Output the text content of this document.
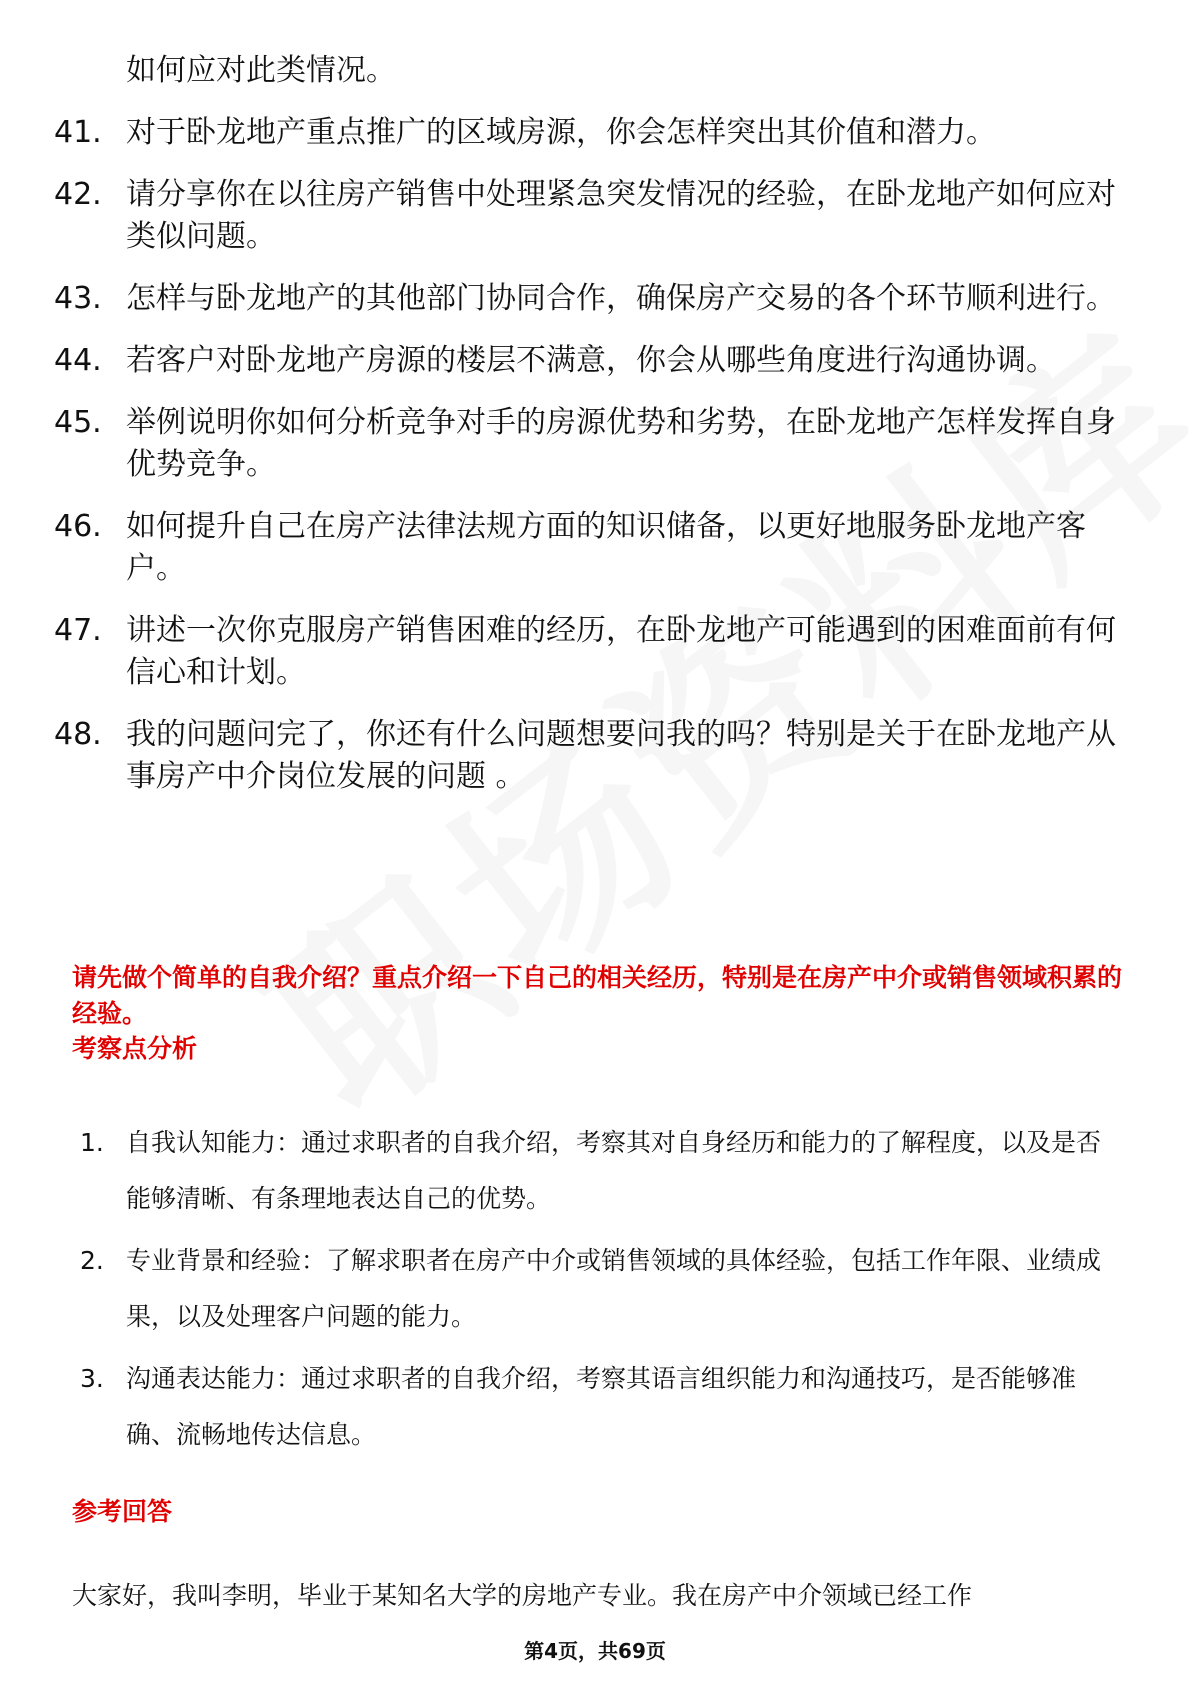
如何应对此类情况。
41. 对于卧龙地产重点推广的区域房源，你会怎样突出其价值和潜力。
42. 请分享你在以往房产销售中处理紧急突发情况的经验，在卧龙地产如何应对类似问题。
43. 怎样与卧龙地产的其他部门协同合作，确保房产交易的各个环节顺利进行。
44. 若客户对卧龙地产房源的楼层不满意，你会从哪些角度进行沟通协调。
45. 举例说明你如何分析竞争对手的房源优势和劣势，在卧龙地产怎样发挥自身优势竞争。
46. 如何提升自己在房产法律法规方面的知识储备，以更好地服务卧龙地产客户。
47. 讲述一次你克服房产销售困难的经历，在卧龙地产可能遇到的困难面前有何信心和计划。
48. 我的问题问完了，你还有什么问题想要问我的吗？特别是关于在卧龙地产从事房产中介岗位发展的问题 。
请先做个简单的自我介绍？重点介绍一下自己的相关经历，特别是在房产中介或销售领域积累的经验。
考察点分析
1. 自我认知能力：通过求职者的自我介绍，考察其对自身经历和能力的了解程度，以及是否能够清晰、有条理地表达自己的优势。
2. 专业背景和经验：了解求职者在房产中介或销售领域的具体经验，包括工作年限、业绩成果，以及处理客户问题的能力。
3. 沟通表达能力：通过求职者的自我介绍，考察其语言组织能力和沟通技巧，是否能够准确、流畅地传达信息。
参考回答
大家好，我叫李明，毕业于某知名大学的房地产专业。我在房产中介领域已经工作
第4页，共69页
